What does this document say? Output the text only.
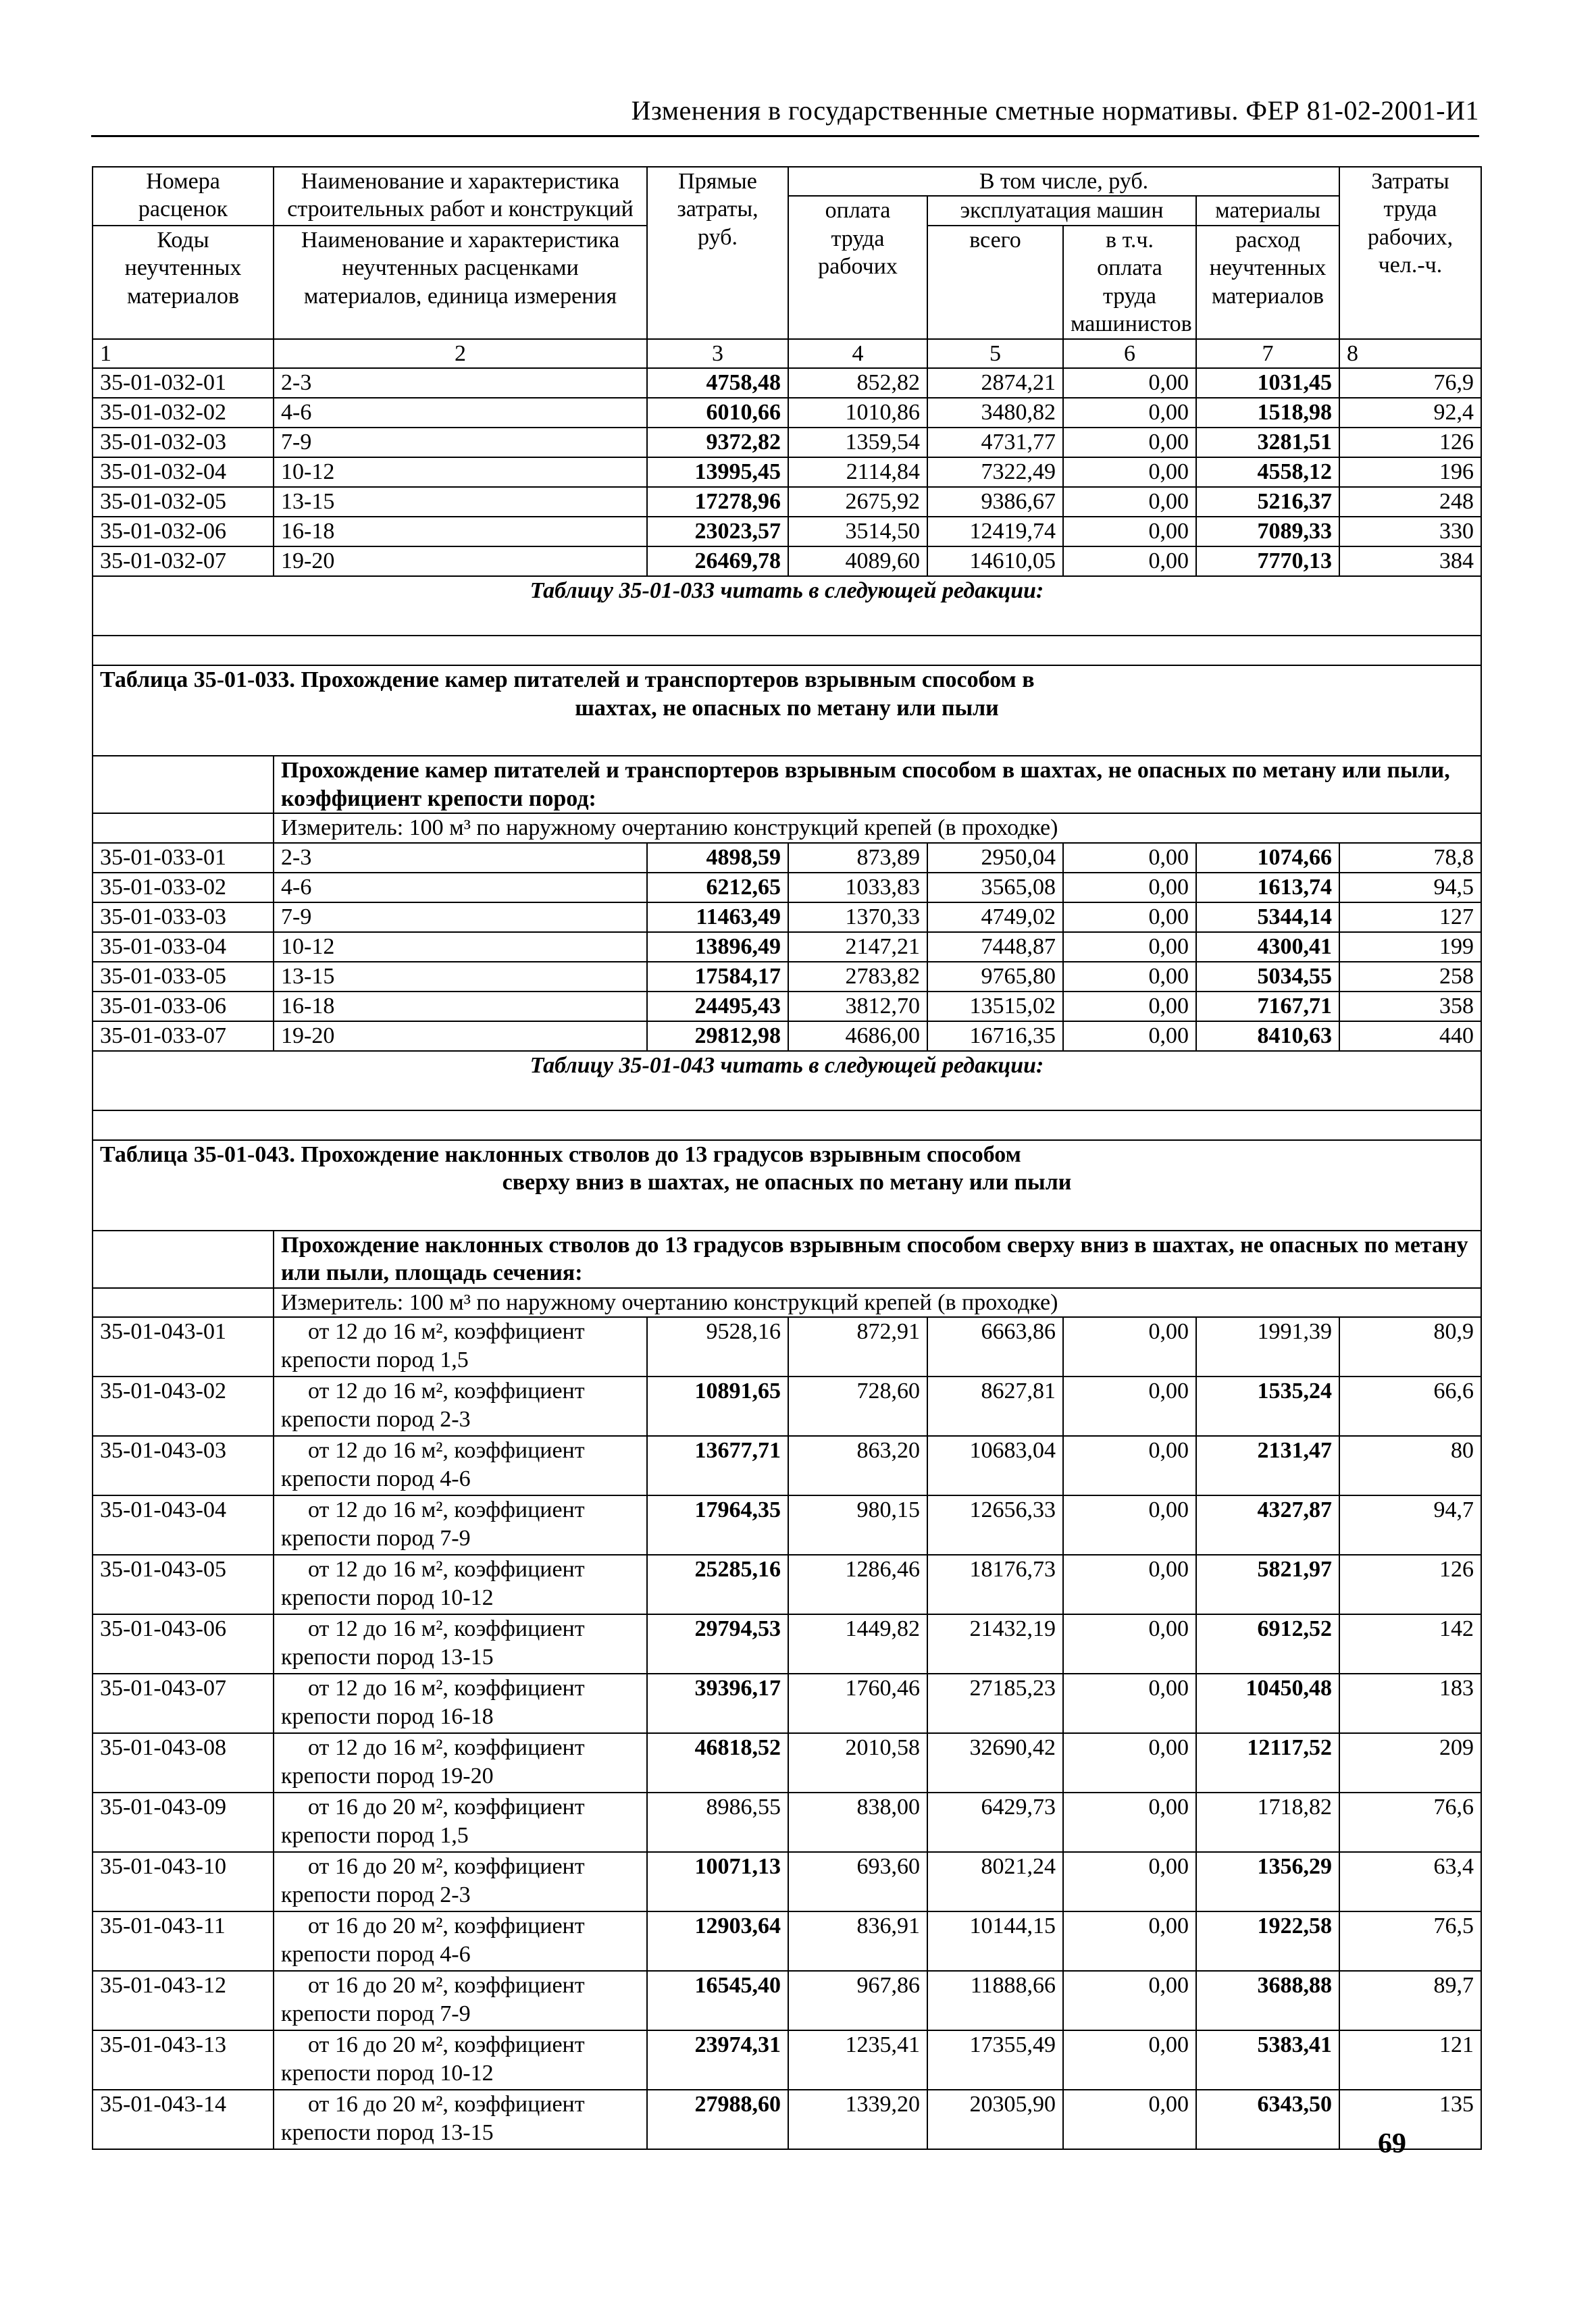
Изменения в государственные сметные нормативы. ФЕР 81-02-2001-И1
Номера расценок	Наименование и характеристика строительных работ и конструкций	Прямые затраты, руб.	В том числе, руб.				Затраты труда рабочих, чел.-ч.
			оплата труда рабочих	эксплуатация машин		материалы	
Коды неучтенных материалов	Наименование и характеристика неучтенных расценками материалов, единица измерения			всего	в т.ч. оплата труда машинистов	расход неучтенных материалов	

1	2	3	4	5	6	7	8
35-01-032-01	2-3	4758,48	852,82	2874,21	0,00	1031,45	76,9
35-01-032-02	4-6	6010,66	1010,86	3480,82	0,00	1518,98	92,4
35-01-032-03	7-9	9372,82	1359,54	4731,77	0,00	3281,51	126
35-01-032-04	10-12	13995,45	2114,84	7322,49	0,00	4558,12	196
35-01-032-05	13-15	17278,96	2675,92	9386,67	0,00	5216,37	248
35-01-032-06	16-18	23023,57	3514,50	12419,74	0,00	7089,33	330
35-01-032-07	19-20	26469,78	4089,60	14610,05	0,00	7770,13	384
Таблицу 35-01-033 читать в следующей редакции:							

Таблица 35-01-033. Прохождение камер питателей и транспортеров взрывным способом в
шахтах, не опасных по метану или пыли							

	Прохождение камер питателей и транспортеров взрывным способом в шахтах, не опасных по метану или пыли, коэффициент крепости пород:						
	Измеритель: 100 м³ по наружному очертанию конструкций крепей (в проходке)						
35-01-033-01	2-3	4898,59	873,89	2950,04	0,00	1074,66	78,8
35-01-033-02	4-6	6212,65	1033,83	3565,08	0,00	1613,74	94,5
35-01-033-03	7-9	11463,49	1370,33	4749,02	0,00	5344,14	127
35-01-033-04	10-12	13896,49	2147,21	7448,87	0,00	4300,41	199
35-01-033-05	13-15	17584,17	2783,82	9765,80	0,00	5034,55	258
35-01-033-06	16-18	24495,43	3812,70	13515,02	0,00	7167,71	358
35-01-033-07	19-20	29812,98	4686,00	16716,35	0,00	8410,63	440
Таблицу 35-01-043 читать в следующей редакции:							

Таблица 35-01-043. Прохождение наклонных стволов до 13 градусов взрывным способом
сверху вниз в шахтах, не опасных по метану или пыли							

	Прохождение наклонных стволов до 13 градусов взрывным способом сверху вниз в шахтах, не опасных по метану или пыли, площадь сечения:						
	Измеритель: 100 м³ по наружному очертанию конструкций крепей (в проходке)						
35-01-043-01	от 12 до 16 м², коэффициент
крепости пород 1,5	9528,16	872,91	6663,86	0,00	1991,39	80,9
35-01-043-02	от 12 до 16 м², коэффициент
крепости пород 2-3	10891,65	728,60	8627,81	0,00	1535,24	66,6
35-01-043-03	от 12 до 16 м², коэффициент
крепости пород 4-6	13677,71	863,20	10683,04	0,00	2131,47	80
35-01-043-04	от 12 до 16 м², коэффициент
крепости пород 7-9	17964,35	980,15	12656,33	0,00	4327,87	94,7
35-01-043-05	от 12 до 16 м², коэффициент
крепости пород 10-12	25285,16	1286,46	18176,73	0,00	5821,97	126
35-01-043-06	от 12 до 16 м², коэффициент
крепости пород 13-15	29794,53	1449,82	21432,19	0,00	6912,52	142
35-01-043-07	от 12 до 16 м², коэффициент
крепости пород 16-18	39396,17	1760,46	27185,23	0,00	10450,48	183
35-01-043-08	от 12 до 16 м², коэффициент
крепости пород 19-20	46818,52	2010,58	32690,42	0,00	12117,52	209
35-01-043-09	от 16 до 20 м², коэффициент
крепости пород 1,5	8986,55	838,00	6429,73	0,00	1718,82	76,6
35-01-043-10	от 16 до 20 м², коэффициент
крепости пород 2-3	10071,13	693,60	8021,24	0,00	1356,29	63,4
35-01-043-11	от 16 до 20 м², коэффициент
крепости пород 4-6	12903,64	836,91	10144,15	0,00	1922,58	76,5
35-01-043-12	от 16 до 20 м², коэффициент
крепости пород 7-9	16545,40	967,86	11888,66	0,00	3688,88	89,7
35-01-043-13	от 16 до 20 м², коэффициент
крепости пород 10-12	23974,31	1235,41	17355,49	0,00	5383,41	121
35-01-043-14	от 16 до 20 м², коэффициент
крепости пород 13-15	27988,60	1339,20	20305,90	0,00	6343,50	135
69
